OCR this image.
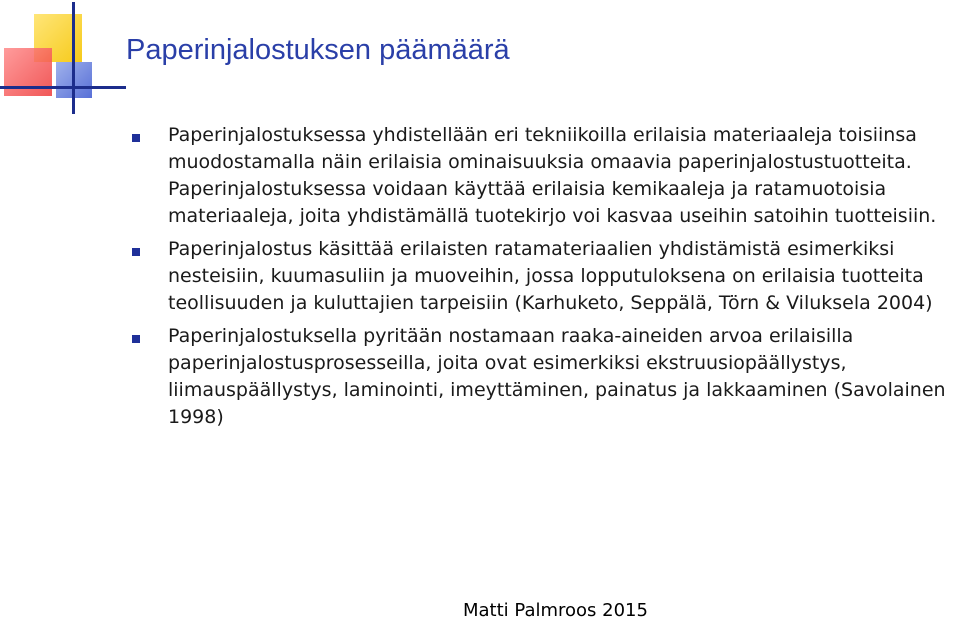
Paperinjalostuksen päämäärä
Paperinjalostuksessa yhdistellään eri tekniikoilla erilaisia materiaaleja toisiinsa muodostamalla näin erilaisia ominaisuuksia omaavia paperinjalostustuotteita. Paperinjalostuksessa voidaan käyttää erilaisia kemikaaleja ja ratamuotoisia materiaaleja, joita yhdistämällä tuotekirjo voi kasvaa useihin satoihin tuotteisiin.
Paperinjalostus käsittää erilaisten ratamateriaalien yhdistämistä esimerkiksi nesteisiin, kuumasuliin ja muoveihin, jossa lopputuloksena on erilaisia tuotteita teollisuuden ja kuluttajien tarpeisiin (Karhuketo, Seppälä, Törn & Viluksela 2004)
Paperinjalostuksella pyritään nostamaan raaka-aineiden arvoa erilaisilla paperinjalostusprosesseilla, joita ovat esimerkiksi ekstruusiopäällystys, liimauspäällystys, laminointi, imeyttäminen, painatus ja lakkaaminen (Savolainen 1998)
Matti Palmroos 2015
